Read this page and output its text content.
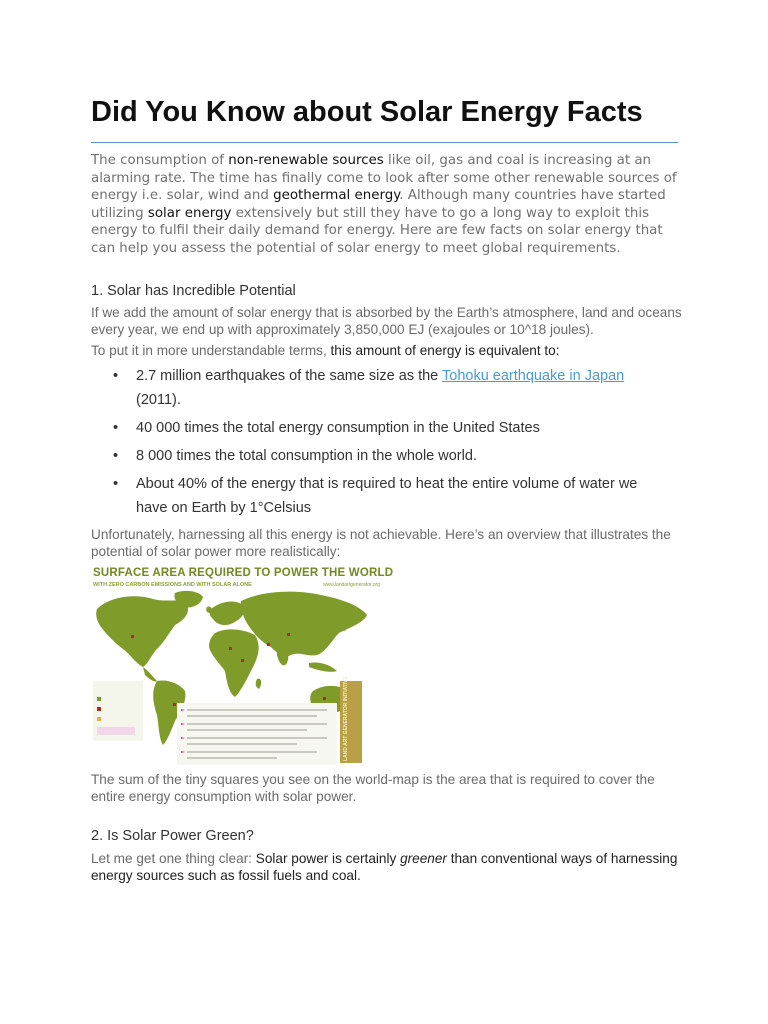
Did You Know about Solar Energy Facts

The consumption of non-renewable sources like oil, gas and coal is increasing at an alarming rate. The time has finally come to look after some other renewable sources of energy i.e. solar, wind and geothermal energy. Although many countries have started utilizing solar energy extensively but still they have to go a long way to exploit this energy to fulfil their daily demand for energy. Here are few facts on solar energy that can help you assess the potential of solar energy to meet global requirements.

1. Solar has Incredible Potential

If we add the amount of solar energy that is absorbed by the Earth’s atmosphere, land and oceans every year, we end up with approximately 3,850,000 EJ (exajoules or 10^18 joules).

To put it in more understandable terms, this amount of energy is equivalent to:

• 2.7 million earthquakes of the same size as the Tohoku earthquake in Japan (2011).
• 40 000 times the total energy consumption in the United States
• 8 000 times the total consumption in the whole world.
• About 40% of the energy that is required to heat the entire volume of water we have on Earth by 1°Celsius

Unfortunately, harnessing all this energy is not achievable. Here’s an overview that illustrates the potential of solar power more realistically:

SURFACE AREA REQUIRED TO POWER THE WORLD
WITH ZERO CARBON EMISSIONS AND WITH SOLAR ALONE	www.landartgenerator.org
LAND ART GENERATOR INITIATIVE

The sum of the tiny squares you see on the world-map is the area that is required to cover the entire energy consumption with solar power.

2. Is Solar Power Green?

Let me get one thing clear: Solar power is certainly greener than conventional ways of harnessing energy sources such as fossil fuels and coal.
